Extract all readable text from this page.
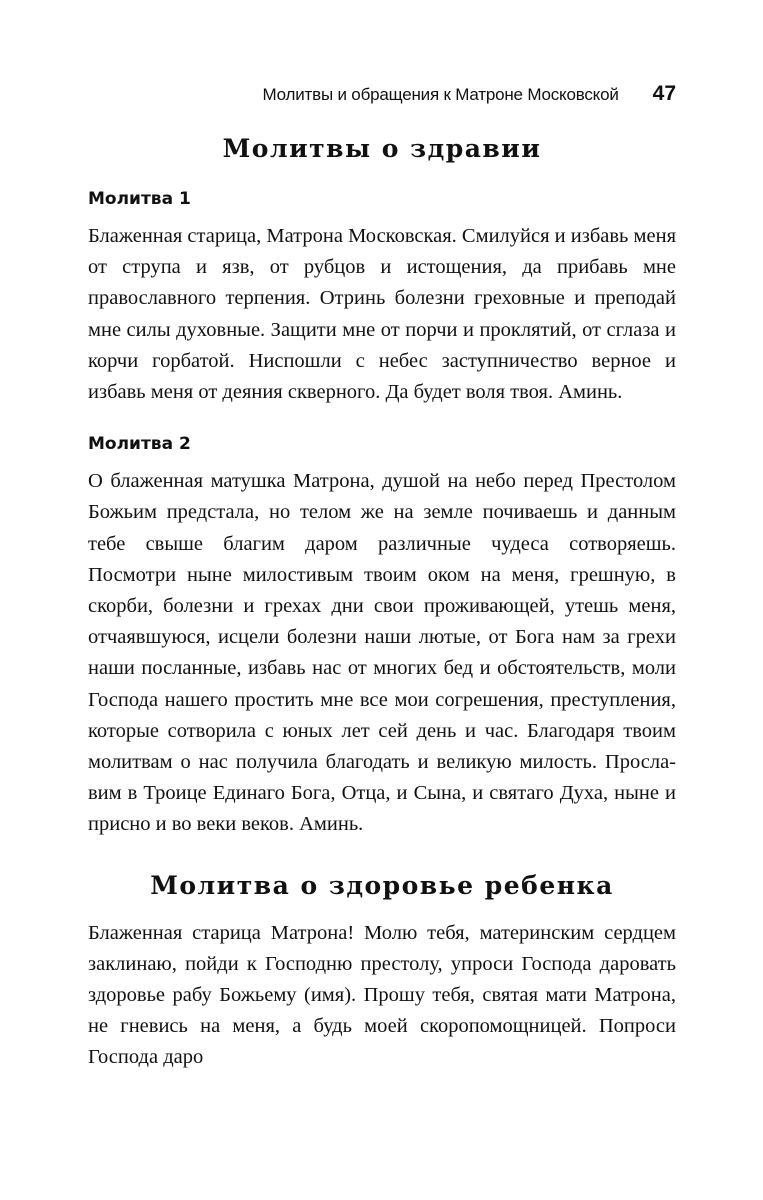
Молитвы и обращения к Матроне Московской 47
Молитвы о здравии
Молитва 1

Блаженная старица, Матрона Московская. Смилуйся и избавь меня от струпа и язв, от рубцов и истощения, да прибавь мне православного терпения. Отринь болезни греховные и преподай мне силы духовные. Защити мне от порчи и проклятий, от сглаза и корчи горбатой. Ниспошли с небес заступничество верное и избавь меня от деяния скверного. Да будет воля твоя. Аминь.

Молитва 2

О блаженная матушка Матрона, душой на небо перед Престолом Божьим предстала, но телом же на земле почиваешь и данным тебе свыше благим даром различные чудеса сотворяешь. Посмотри ныне милостивым твоим оком на меня, грешную, в скорби, болезни и грехах дни свои проживающей, утешь меня, отчаявшуюся, исцели болезни наши лютые, от Бога нам за грехи наши посланные, избавь нас от многих бед и обстоятельств, моли Господа нашего простить мне все мои согрешения, преступления, которые сотворила с юных лет сей день и час. Благодаря твоим молитвам о нас получила благодать и великую милость. Прославим в Троице Единаго Бога, Отца, и Сына, и святаго Духа, ныне и присно и во веки веков. Аминь.

Молитва о здоровье ребенка

Блаженная старица Матрона! Молю тебя, материнским сердцем заклинаю, пойди к Господню престолу, упроси Господа даровать здоровье рабу Божьему (имя). Прошу тебя, святая мати Матрона, не гневись на меня, а будь моей скоропомощницей. Попроси Господа даро
